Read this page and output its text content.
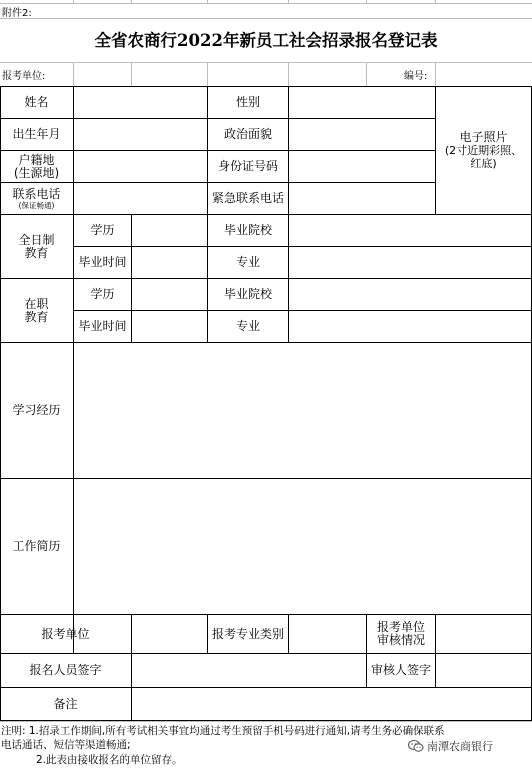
附件2:
全省农商行2022年新员工社会招录报名登记表
报考单位:	编号:
姓名	性别
电子照片
(2寸近期彩照、
红底)
出生年月	政治面貌
户籍地
(生源地)	身份证号码
联系电话
(保证畅通)	紧急联系电话
全日制
教育
学历	毕业院校
毕业时间	专业
在职
教育
学历	毕业院校
毕业时间	专业
学习经历
工作简历
报考单位	报考专业类别	报考单位
审核情况
报名人员签字	审核人签字
备注
注明: 1.招录工作期间,所有考试相关事宜均通过考生预留手机号码进行通知,请考生务必确保联系
电话通话、短信等渠道畅通;
2.此表由接收报名的单位留存。
南潭农商银行
